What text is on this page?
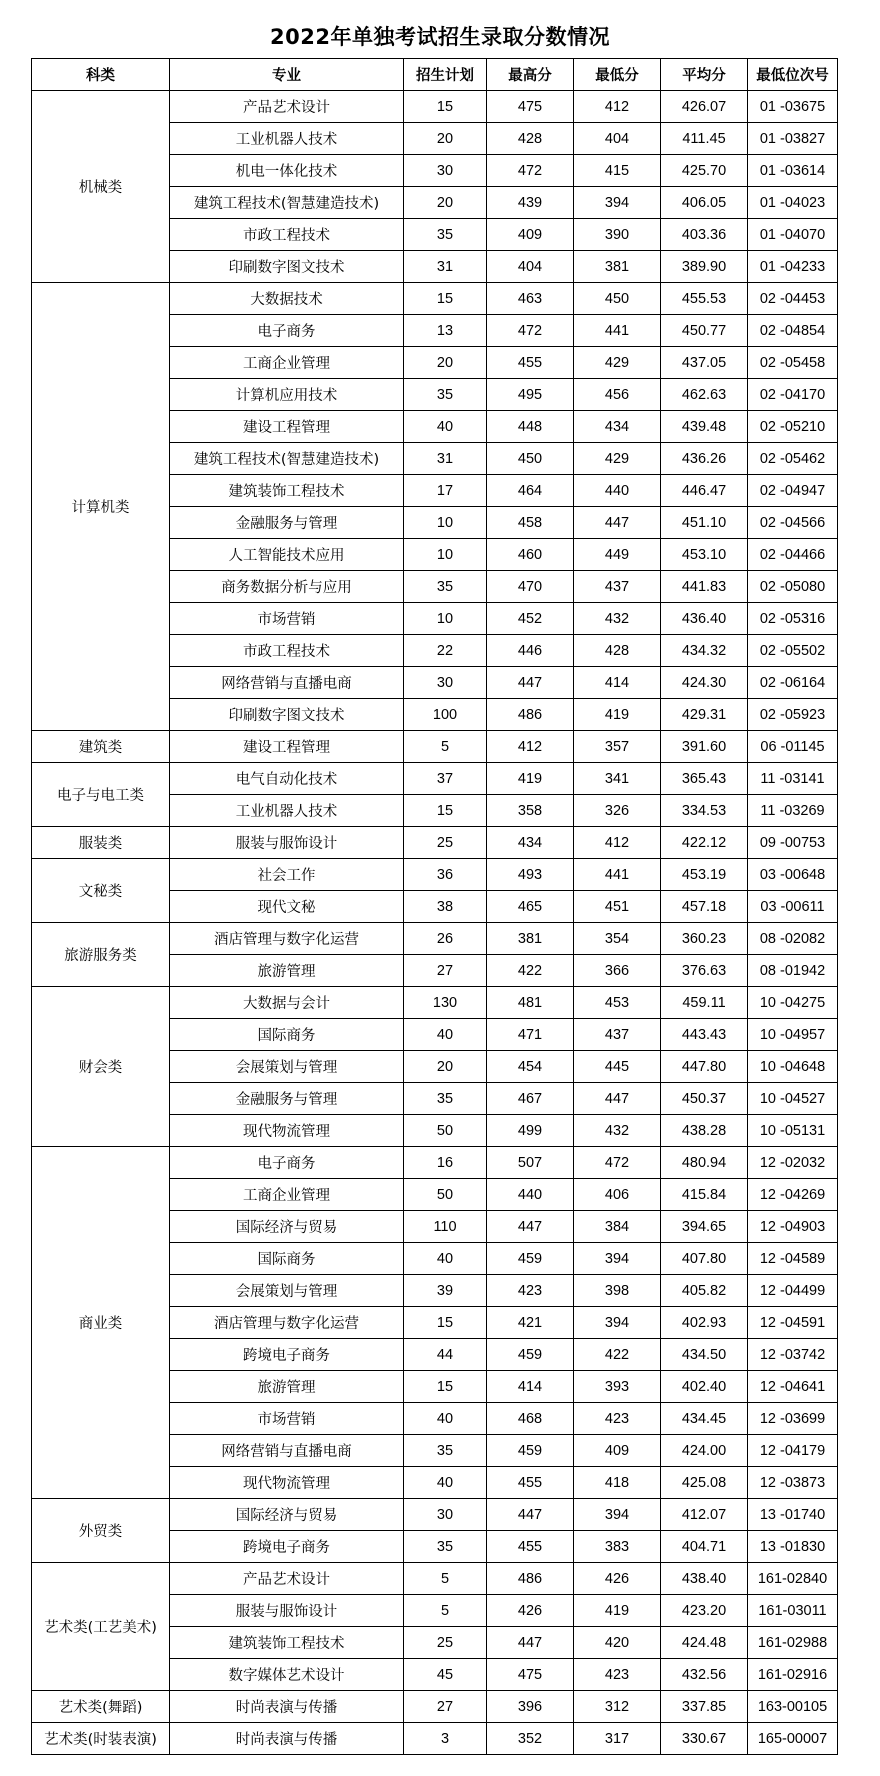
2022年单独考试招生录取分数情况
科类	专业	招生计划	最高分	最低分	平均分	最低位次号
机械类	产品艺术设计	15	475	412	426.07	01 -03675
	工业机器人技术	20	428	404	411.45	01 -03827
	机电一体化技术	30	472	415	425.70	01 -03614
	建筑工程技术(智慧建造技术)	20	439	394	406.05	01 -04023
	市政工程技术	35	409	390	403.36	01 -04070
	印刷数字图文技术	31	404	381	389.90	01 -04233
计算机类	大数据技术	15	463	450	455.53	02 -04453
	电子商务	13	472	441	450.77	02 -04854
	工商企业管理	20	455	429	437.05	02 -05458
	计算机应用技术	35	495	456	462.63	02 -04170
	建设工程管理	40	448	434	439.48	02 -05210
	建筑工程技术(智慧建造技术)	31	450	429	436.26	02 -05462
	建筑装饰工程技术	17	464	440	446.47	02 -04947
	金融服务与管理	10	458	447	451.10	02 -04566
	人工智能技术应用	10	460	449	453.10	02 -04466
	商务数据分析与应用	35	470	437	441.83	02 -05080
	市场营销	10	452	432	436.40	02 -05316
	市政工程技术	22	446	428	434.32	02 -05502
	网络营销与直播电商	30	447	414	424.30	02 -06164
	印刷数字图文技术	100	486	419	429.31	02 -05923
建筑类	建设工程管理	5	412	357	391.60	06 -01145
电子与电工类	电气自动化技术	37	419	341	365.43	11 -03141
	工业机器人技术	15	358	326	334.53	11 -03269
服装类	服装与服饰设计	25	434	412	422.12	09 -00753
文秘类	社会工作	36	493	441	453.19	03 -00648
	现代文秘	38	465	451	457.18	03 -00611
旅游服务类	酒店管理与数字化运营	26	381	354	360.23	08 -02082
	旅游管理	27	422	366	376.63	08 -01942
财会类	大数据与会计	130	481	453	459.11	10 -04275
	国际商务	40	471	437	443.43	10 -04957
	会展策划与管理	20	454	445	447.80	10 -04648
	金融服务与管理	35	467	447	450.37	10 -04527
	现代物流管理	50	499	432	438.28	10 -05131
商业类	电子商务	16	507	472	480.94	12 -02032
	工商企业管理	50	440	406	415.84	12 -04269
	国际经济与贸易	110	447	384	394.65	12 -04903
	国际商务	40	459	394	407.80	12 -04589
	会展策划与管理	39	423	398	405.82	12 -04499
	酒店管理与数字化运营	15	421	394	402.93	12 -04591
	跨境电子商务	44	459	422	434.50	12 -03742
	旅游管理	15	414	393	402.40	12 -04641
	市场营销	40	468	423	434.45	12 -03699
	网络营销与直播电商	35	459	409	424.00	12 -04179
	现代物流管理	40	455	418	425.08	12 -03873
外贸类	国际经济与贸易	30	447	394	412.07	13 -01740
	跨境电子商务	35	455	383	404.71	13 -01830
艺术类(工艺美术)	产品艺术设计	5	486	426	438.40	161-02840
	服装与服饰设计	5	426	419	423.20	161-03011
	建筑装饰工程技术	25	447	420	424.48	161-02988
	数字媒体艺术设计	45	475	423	432.56	161-02916
艺术类(舞蹈)	时尚表演与传播	27	396	312	337.85	163-00105
艺术类(时装表演)	时尚表演与传播	3	352	317	330.67	165-00007
